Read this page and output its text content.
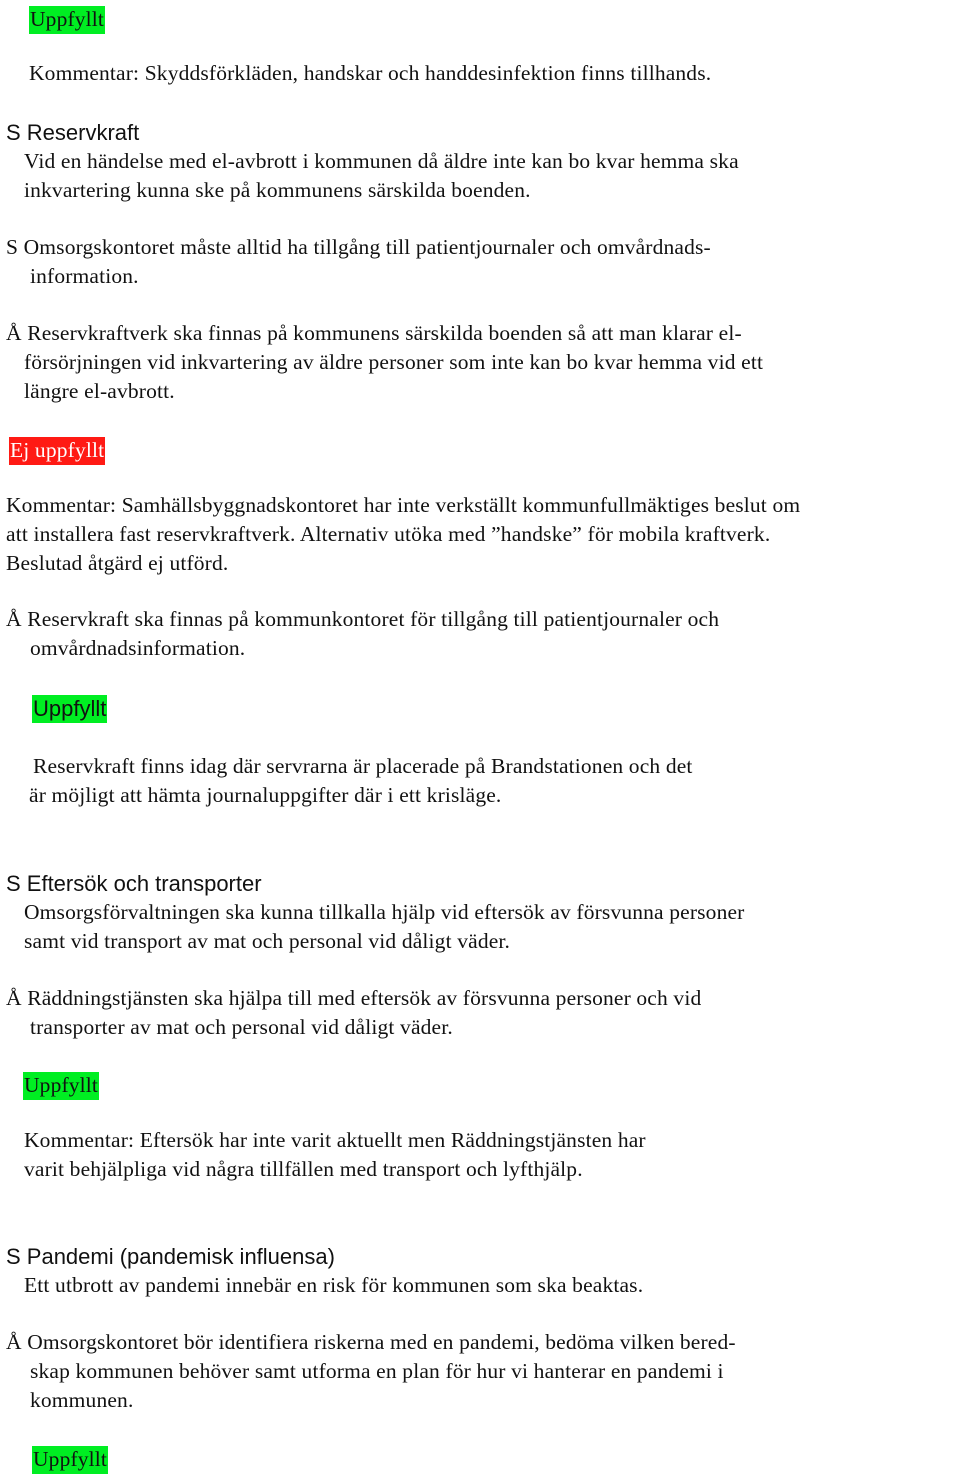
Uppfyllt
Kommentar: Skyddsförkläden, handskar och handdesinfektion finns tillhands.
S Reservkraft
Vid en händelse med el-avbrott i kommunen då äldre inte kan bo kvar hemma ska
inkvartering kunna ske på kommunens särskilda boenden.
S Omsorgskontoret måste alltid ha tillgång till patientjournaler och omvårdnads-
information.
Å Reservkraftverk ska finnas på kommunens särskilda boenden så att man klarar el-
försörjningen vid inkvartering av äldre personer som inte kan bo kvar hemma vid ett
längre el-avbrott.
Ej uppfyllt
Kommentar: Samhällsbyggnadskontoret har inte verkställt kommunfullmäktiges beslut om
att installera fast reservkraftverk. Alternativ utöka med ”handske” för mobila kraftverk.
Beslutad åtgärd ej utförd.
Å Reservkraft ska finnas på kommunkontoret för tillgång till patientjournaler och
omvårdnadsinformation.
Uppfyllt
Reservkraft finns idag där servrarna är placerade på Brandstationen och det
är möjligt att hämta journaluppgifter där i ett krisläge.
S Eftersök och transporter
Omsorgsförvaltningen ska kunna tillkalla hjälp vid eftersök av försvunna personer
samt vid transport av mat och personal vid dåligt väder.
Å Räddningstjänsten ska hjälpa till med eftersök av försvunna personer och vid
transporter av mat och personal vid dåligt väder.
Uppfyllt
Kommentar: Eftersök har inte varit aktuellt men Räddningstjänsten har
varit behjälpliga vid några tillfällen med transport och lyfthjälp.
S Pandemi (pandemisk influensa)
Ett utbrott av pandemi innebär en risk för kommunen som ska beaktas.
Å Omsorgskontoret bör identifiera riskerna med en pandemi, bedöma vilken bered-
skap kommunen behöver samt utforma en plan för hur vi hanterar en pandemi i
kommunen.
Uppfyllt
